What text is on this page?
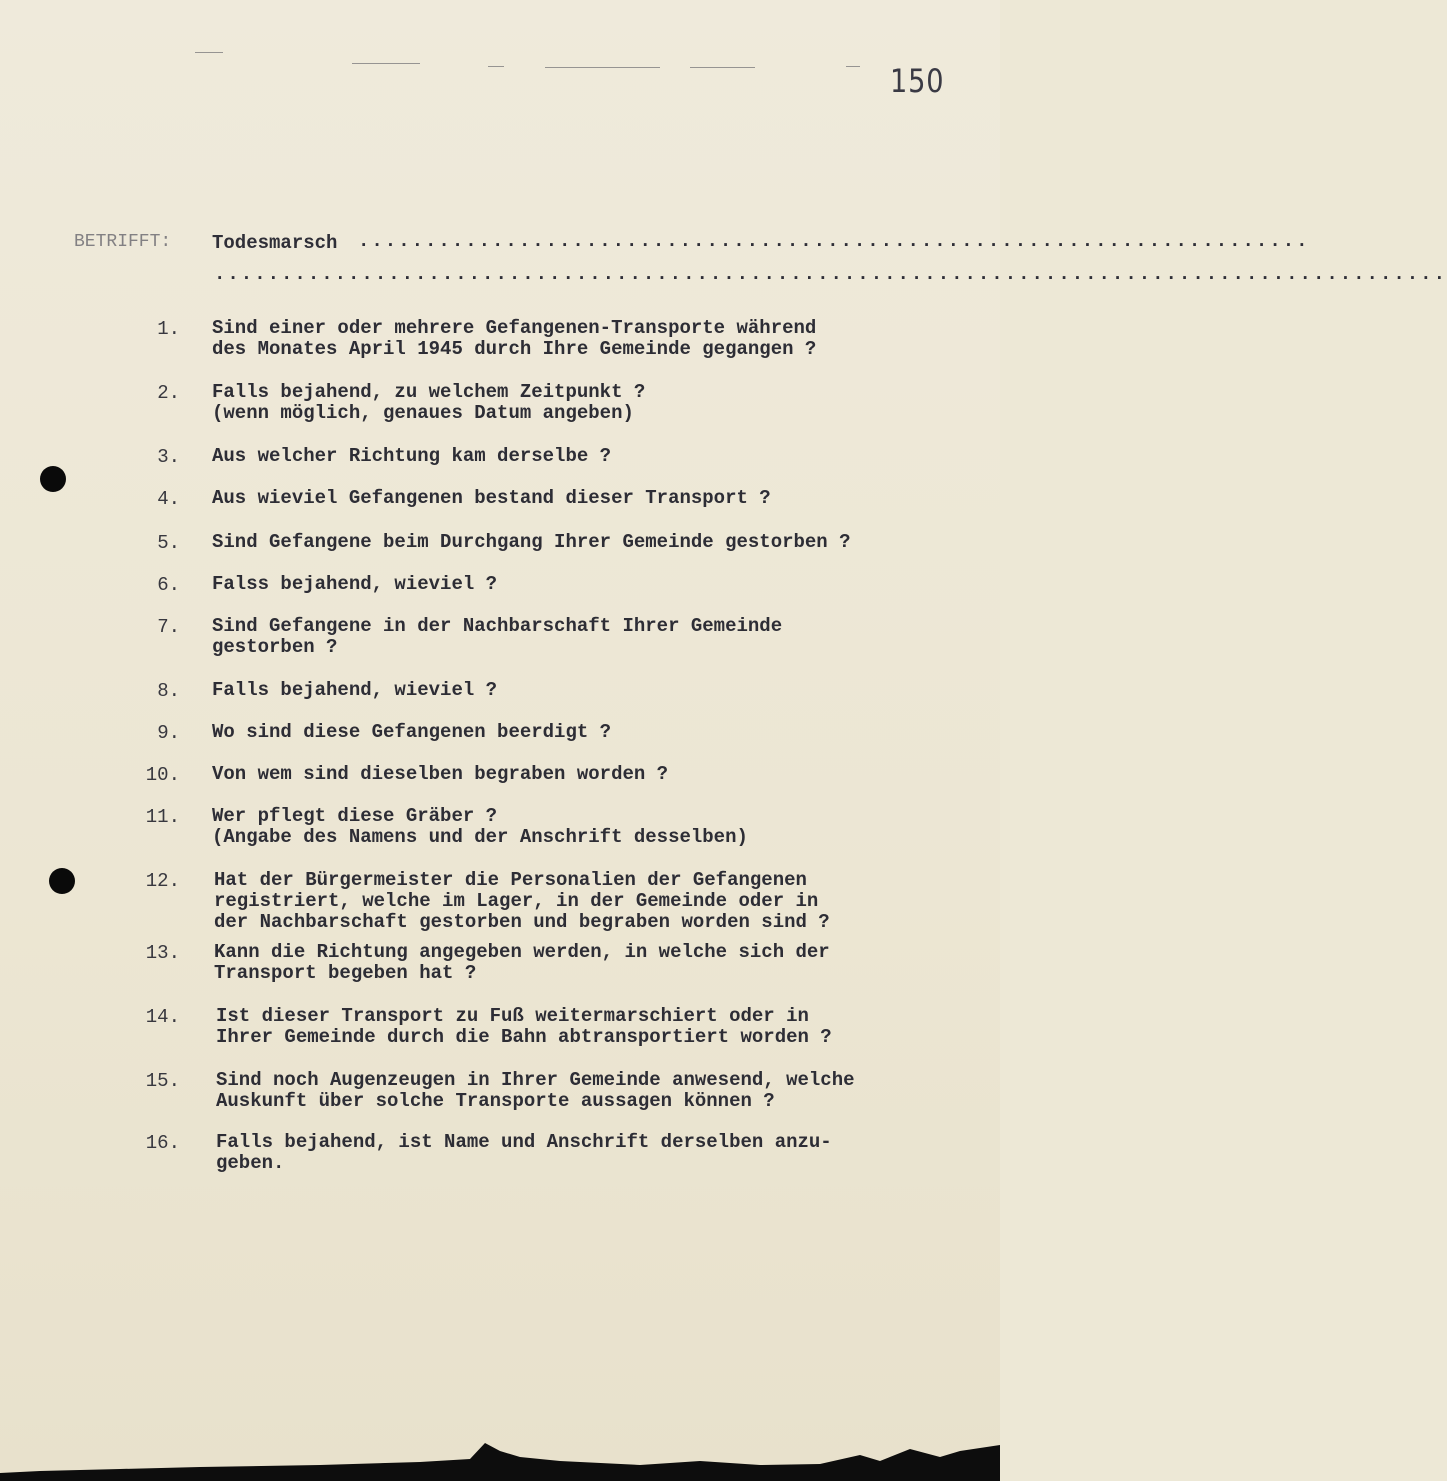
150
BETRIFFT: Todesmarsch ·······································································
····························································································
1. Sind einer oder mehrere Gefangenen-Transporte während
des Monates April 1945 durch Ihre Gemeinde gegangen ?
2. Falls bejahend, zu welchem Zeitpunkt ?
(wenn möglich, genaues Datum angeben)
3. Aus welcher Richtung kam derselbe ?
4. Aus wieviel Gefangenen bestand dieser Transport ?
5. Sind Gefangene beim Durchgang Ihrer Gemeinde gestorben ?
6. Falss bejahend, wieviel ?
7. Sind Gefangene in der Nachbarschaft Ihrer Gemeinde
gestorben ?
8. Falls bejahend, wieviel ?
9. Wo sind diese Gefangenen beerdigt ?
10. Von wem sind dieselben begraben worden ?
11. Wer pflegt diese Gräber ?
(Angabe des Namens und der Anschrift desselben)
12. Hat der Bürgermeister die Personalien der Gefangenen
registriert, welche im Lager, in der Gemeinde oder in
der Nachbarschaft gestorben und begraben worden sind ?
13. Kann die Richtung angegeben werden, in welche sich der
Transport begeben hat ?
14. Ist dieser Transport zu Fuß weitermarschiert oder in
Ihrer Gemeinde durch die Bahn abtransportiert worden ?
15. Sind noch Augenzeugen in Ihrer Gemeinde anwesend, welche
Auskunft über solche Transporte aussagen können ?
16. Falls bejahend, ist Name und Anschrift derselben anzu-
geben.
